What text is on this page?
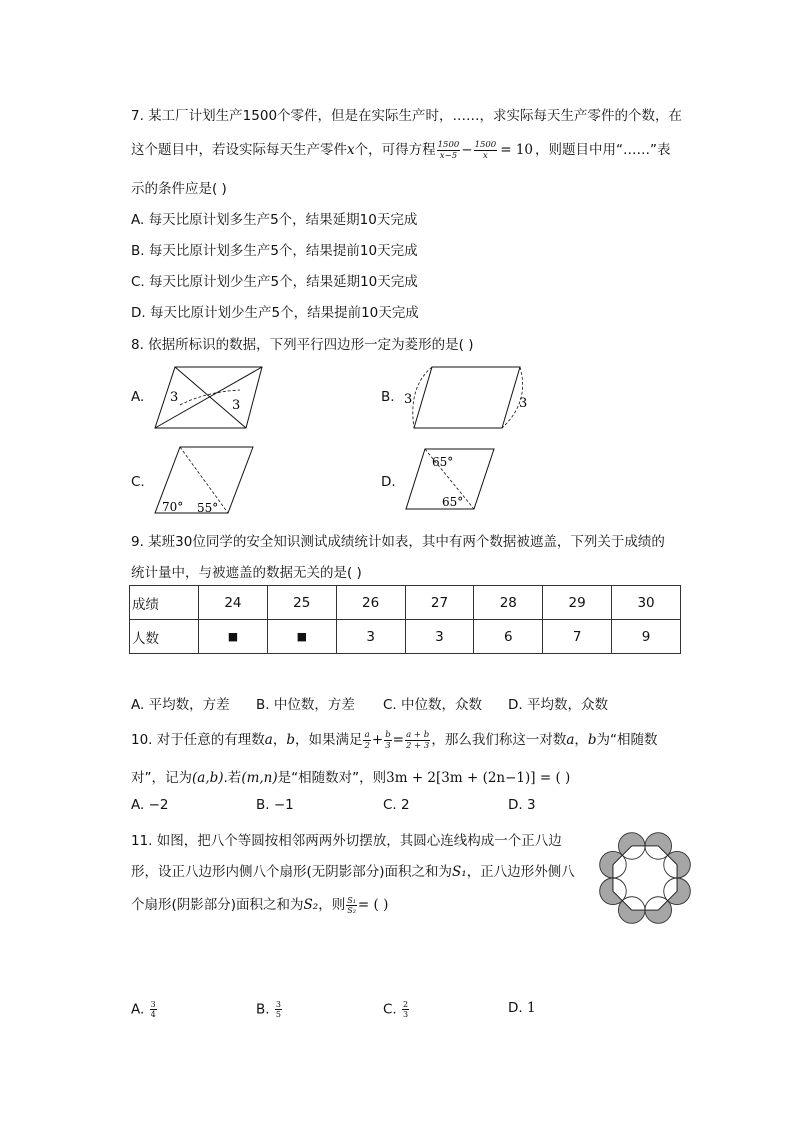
7. 某工厂计划生产1500个零件，但是在实际生产时，……，求实际每天生产零件的个数，在
这个题目中，若设实际每天生产零件x个，可得方程 $\frac{1500}{x-5} - \frac{1500}{x} = 10$ ，则题目中用“……”表
示的条件应是( )
A. 每天比原计划多生产5个，结果延期10天完成
B. 每天比原计划多生产5个，结果提前10天完成
C. 每天比原计划少生产5个，结果延期10天完成
D. 每天比原计划少生产5个，结果提前10天完成
8. 依据所标识的数据，下列平行四边形一定为菱形的是( )
A. 3
3
B. 3	3
C.
70° 55°
D.
65°
65°
9. 某班30位同学的安全知识测试成绩统计如表，其中有两个数据被遮盖，下列关于成绩的
统计量中，与被遮盖的数据无关的是( )
成绩	24	25	26	27	28	29	30
人数	■	■	3	3	6	7	9
A. 平均数，方差 B. 中位数，方差 C. 中位数，众数 D. 平均数，众数
10. 对于任意的有理数a，b，如果满足 $\frac{a}{2} + \frac{b}{3} = \frac{a + b}{2 + 3}$ ，那么我们称这一对数a，b为“相随数
对”，记为(a,b).若(m,n)是“相随数对”，则3m + 2[3m + (2n−1)] = ( )
A. −2	B. −1	C. 2	D. 3
11. 如图，把八个等圆按相邻两两外切摆放，其圆心连线构成一个正八边
形，设正八边形内侧八个扇形(无阴影部分)面积之和为S₁，正八边形外侧八
个扇形(阴影部分)面积之和为S₂，则 $\frac{\text{S₁}}{\text{S₂}}$ = ( )
A. $\frac{3}{4}$	B. $\frac{3}{5}$	C. $\frac{2}{3}$	D. 1
